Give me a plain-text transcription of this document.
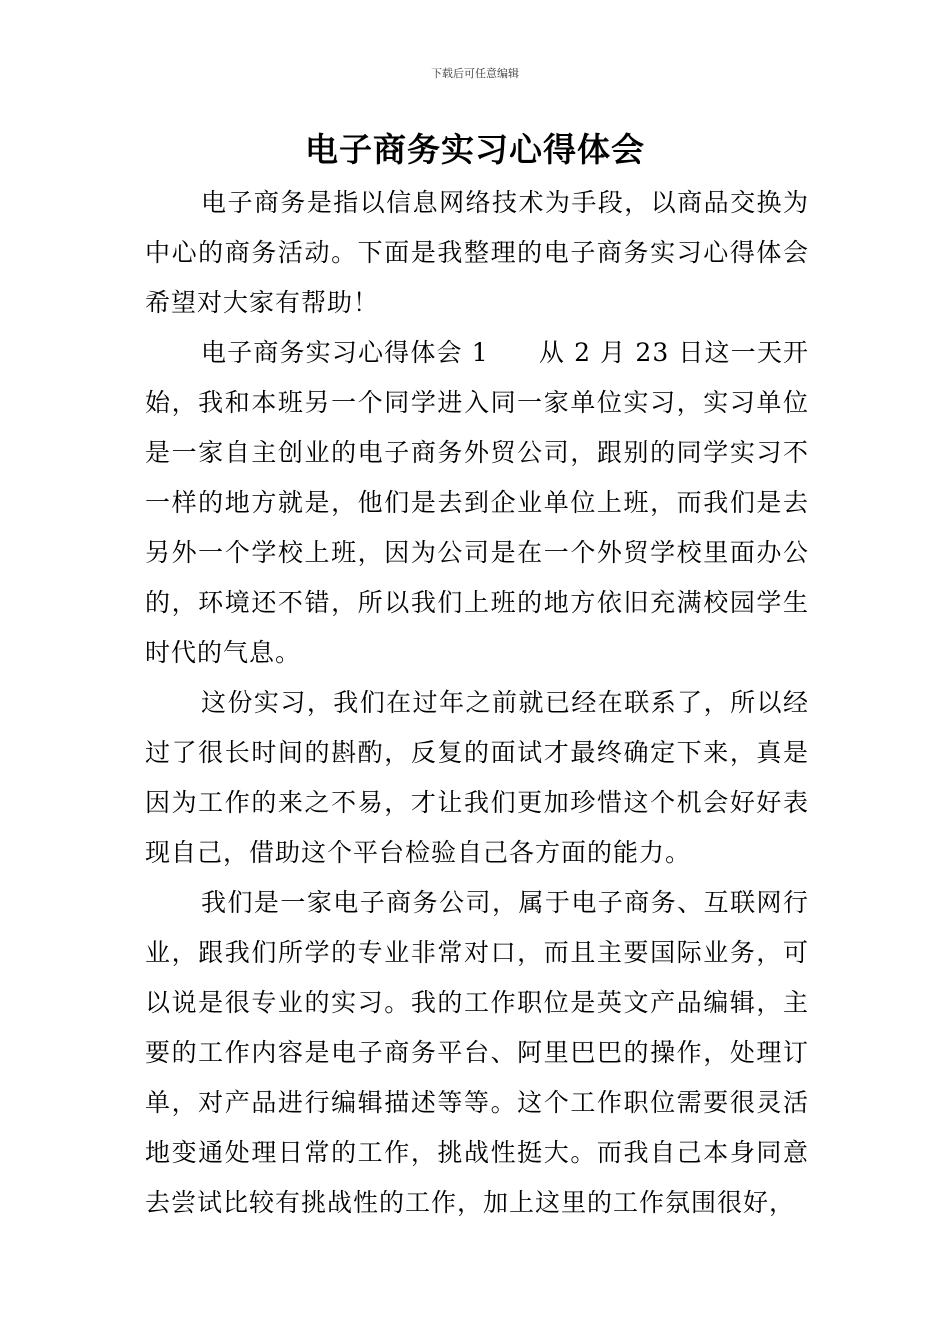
下载后可任意编辑
电子商务实习心得体会

电子商务是指以信息网络技术为手段，以商品交换为中心的商务活动。下面是我整理的电子商务实习心得体会希望对大家有帮助！

电子商务实习心得体会 1 从 2 月 23 日这一天开始，我和本班另一个同学进入同一家单位实习，实习单位是一家自主创业的电子商务外贸公司，跟别的同学实习不一样的地方就是，他们是去到企业单位上班，而我们是去另外一个学校上班，因为公司是在一个外贸学校里面办公的，环境还不错，所以我们上班的地方依旧充满校园学生时代的气息。

这份实习，我们在过年之前就已经在联系了，所以经过了很长时间的斟酌，反复的面试才最终确定下来，真是因为工作的来之不易，才让我们更加珍惜这个机会好好表现自己，借助这个平台检验自己各方面的能力。

我们是一家电子商务公司，属于电子商务、互联网行业，跟我们所学的专业非常对口，而且主要国际业务，可以说是很专业的实习。我的工作职位是英文产品编辑，主要的工作内容是电子商务平台、阿里巴巴的操作，处理订单，对产品进行编辑描述等等。这个工作职位需要很灵活地变通处理日常的工作，挑战性挺大。而我自己本身同意去尝试比较有挑战性的工作，加上这里的工作氛围很好，
